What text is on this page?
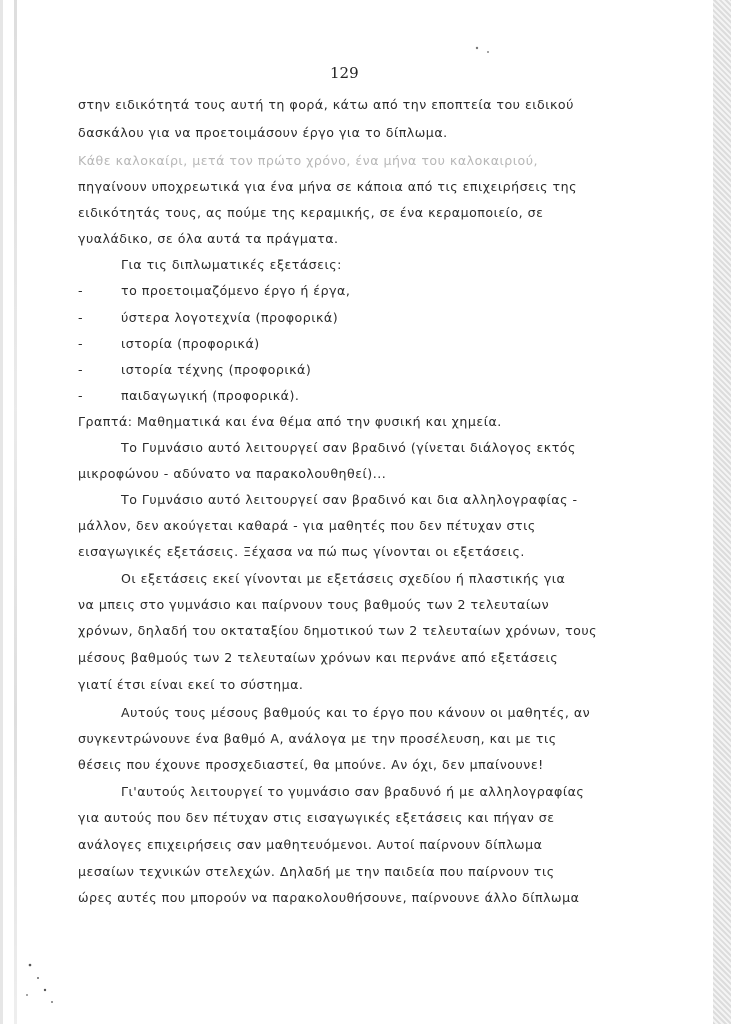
129
στην ειδικότητά τους αυτή τη φορά, κάτω από την εποπτεία του ειδικού
δασκάλου για να προετοιμάσουν έργο για το δίπλωμα.
Κάθε καλοκαίρι, μετά τον πρώτο χρόνο, ένα μήνα του καλοκαιριού,
πηγαίνουν υποχρεωτικά για ένα μήνα σε κάποια από τις επιχειρήσεις της
ειδικότητάς τους, ας πούμε της κεραμικής, σε ένα κεραμοποιείο, σε
γυαλάδικο, σε όλα αυτά τα πράγματα.
Για τις διπλωματικές εξετάσεις:
-	το προετοιμαζόμενο έργο ή έργα,
-	ύστερα λογοτεχνία (προφορικά)
-	ιστορία (προφορικά)
-	ιστορία τέχνης (προφορικά)
-	παιδαγωγική (προφορικά).
Γραπτά: Μαθηματικά και ένα θέμα από την φυσική και χημεία.
Το Γυμνάσιο αυτό λειτουργεί σαν βραδινό (γίνεται διάλογος εκτός
μικροφώνου - αδύνατο να παρακολουθηθεί)...
Το Γυμνάσιο αυτό λειτουργεί σαν βραδινό και δια αλληλογραφίας -
μάλλον, δεν ακούγεται καθαρά - για μαθητές που δεν πέτυχαν στις
εισαγωγικές εξετάσεις. Ξέχασα να πώ πως γίνονται οι εξετάσεις.
Οι εξετάσεις εκεί γίνονται με εξετάσεις σχεδίου ή πλαστικής για
να μπεις στο γυμνάσιο και παίρνουν τους βαθμούς των 2 τελευταίων
χρόνων, δηλαδή του οκταταξίου δημοτικού των 2 τελευταίων χρόνων, τους
μέσους βαθμούς των 2 τελευταίων χρόνων και περνάνε από εξετάσεις
γιατί έτσι είναι εκεί το σύστημα.
Αυτούς τους μέσους βαθμούς και το έργο που κάνουν οι μαθητές, αν
συγκεντρώνουνε ένα βαθμό Α, ανάλογα με την προσέλευση, και με τις
θέσεις που έχουνε προσχεδιαστεί, θα μπούνε. Αν όχι, δεν μπαίνουνε!
Γι'αυτούς λειτουργεί το γυμνάσιο σαν βραδυνό ή με αλληλογραφίας
για αυτούς που δεν πέτυχαν στις εισαγωγικές εξετάσεις και πήγαν σε
ανάλογες επιχειρήσεις σαν μαθητευόμενοι. Αυτοί παίρνουν δίπλωμα
μεσαίων τεχνικών στελεχών. Δηλαδή με την παιδεία που παίρνουν τις
ώρες αυτές που μπορούν να παρακολουθήσουνε, παίρνουνε άλλο δίπλωμα
